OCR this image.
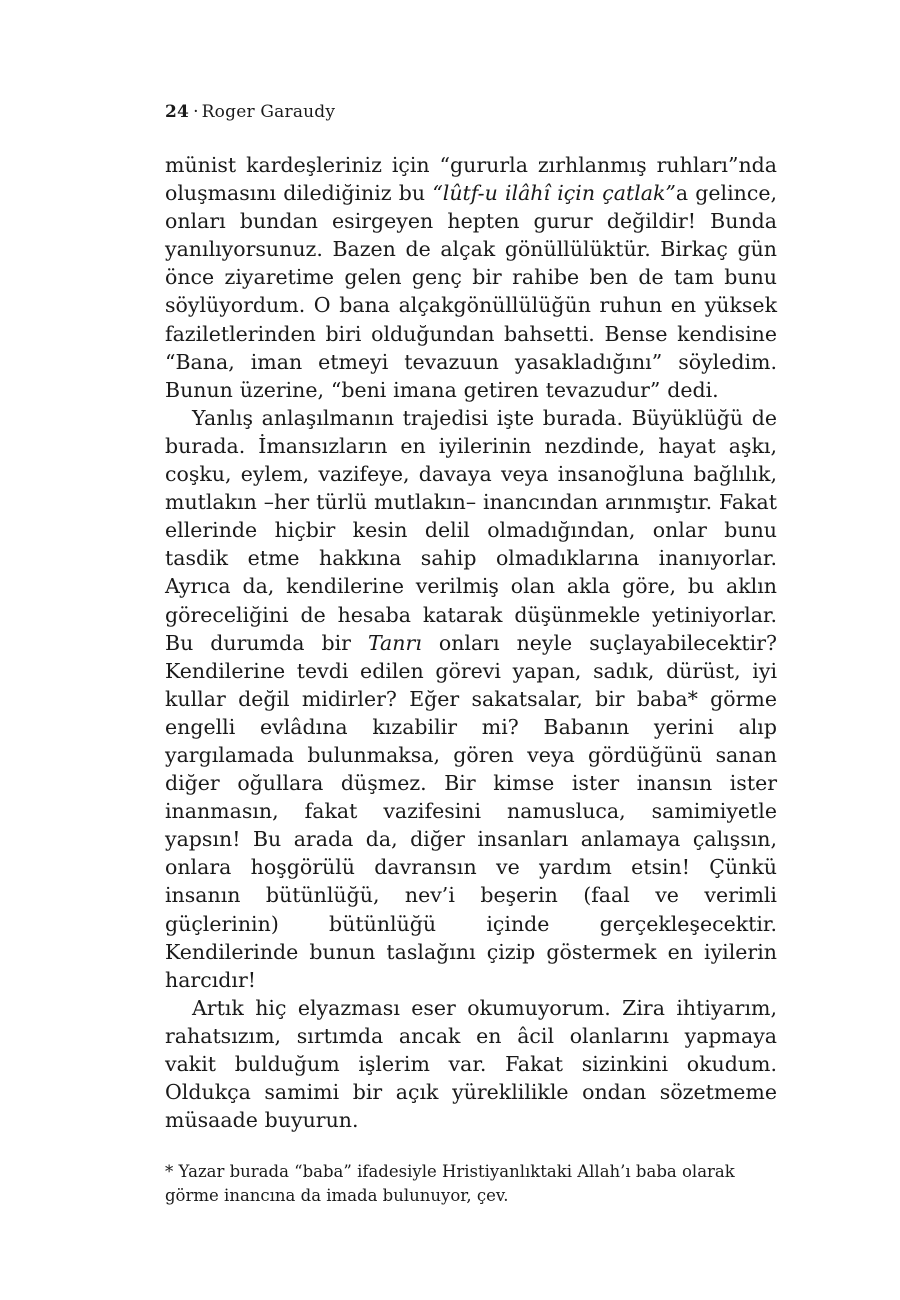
24 · Roger Garaudy

münist kardeşleriniz için “gururla zırhlanmış ruhları”nda oluşmasını dilediğiniz bu “lûtf-u ilâhî için çatlak”a gelince, onları bundan esirgeyen hepten gurur değildir! Bunda yanılıyorsunuz. Bazen de alçak gönüllülüktür. Birkaç gün önce ziyaretime gelen genç bir rahibe ben de tam bunu söylüyordum. O bana alçakgönüllülüğün ruhun en yüksek faziletlerinden biri olduğundan bahsetti. Bense kendisine “Bana, iman etmeyi tevazuun yasakladığını” söyledim. Bunun üzerine, “beni imana getiren tevazudur” dedi.

Yanlış anlaşılmanın trajedisi işte burada. Büyüklüğü de burada. İmansızların en iyilerinin nezdinde, hayat aşkı, coşku, eylem, vazifeye, davaya veya insanoğluna bağlılık, mutlakın –her türlü mutlakın– inancından arınmıştır. Fakat ellerinde hiçbir kesin delil olmadığından, onlar bunu tasdik etme hakkına sahip olmadıklarına inanıyorlar. Ayrıca da, kendilerine verilmiş olan akla göre, bu aklın göreceliğini de hesaba katarak düşünmekle yetiniyorlar. Bu durumda bir Tanrı onları neyle suçlayabilecektir? Kendilerine tevdi edilen görevi yapan, sadık, dürüst, iyi kullar değil midirler? Eğer sakatsalar, bir baba* görme engelli evlâdına kızabilir mi? Babanın yerini alıp yargılamada bulunmaksa, gören veya gördüğünü sanan diğer oğullara düşmez. Bir kimse ister inansın ister inanmasın, fakat vazifesini namusluca, samimiyetle yapsın! Bu arada da, diğer insanları anlamaya çalışsın, onlara hoşgörülü davransın ve yardım etsin! Çünkü insanın bütünlüğü, nev’i beşerin (faal ve verimli güçlerinin) bütünlüğü içinde gerçekleşecektir. Kendilerinde bunun taslağını çizip göstermek en iyilerin harcıdır!

Artık hiç elyazması eser okumuyorum. Zira ihtiyarım, rahatsızım, sırtımda ancak en âcil olanlarını yapmaya vakit bulduğum işlerim var. Fakat sizinkini okudum. Oldukça samimi bir açık yüreklilikle ondan sözetmeme müsaade buyurun.

* Yazar burada “baba” ifadesiyle Hristiyanlıktaki Allah’ı baba olarak görme inancına da imada bulunuyor, çev.
